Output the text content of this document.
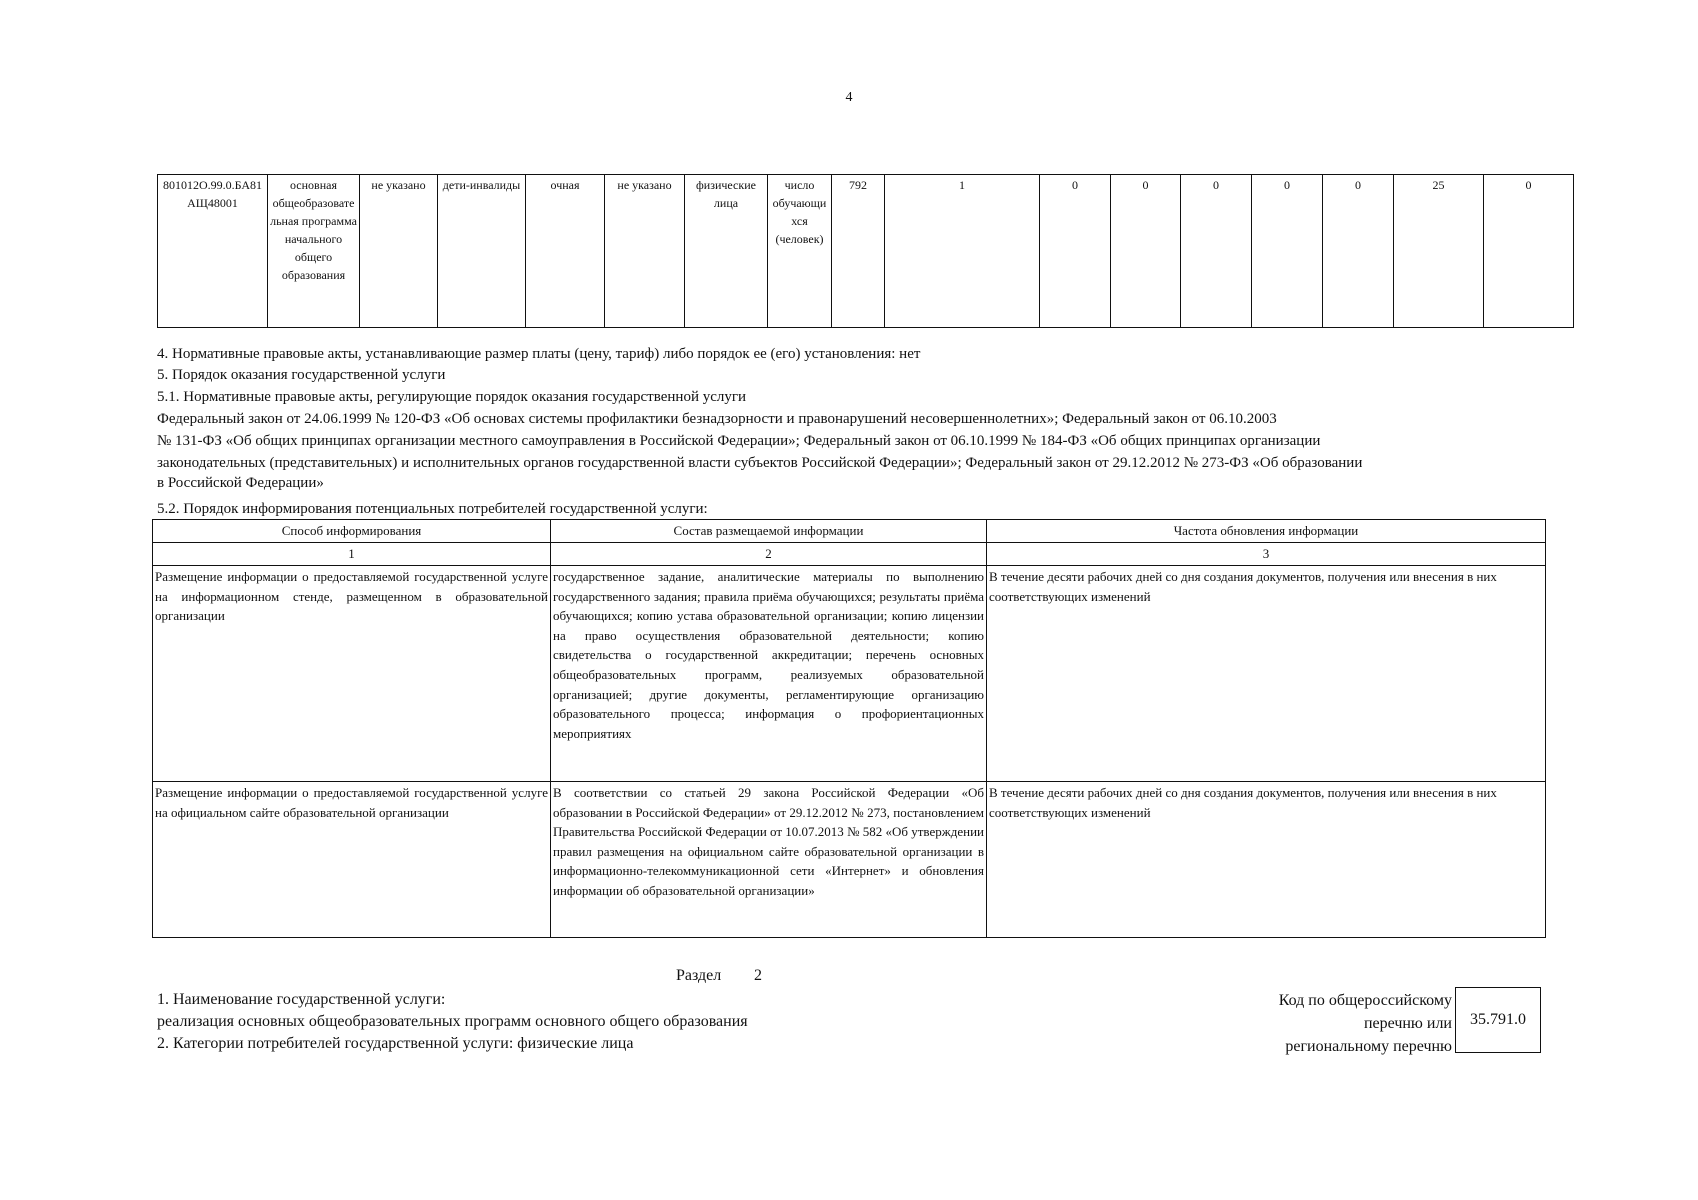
4
801012О.99.0.БА81АЩ48001	основная общеобразовательная программа начального общего образования	не указано	дети-инвалиды	очная	не указано	физические лица	число обучающихся (человек)	792	1	0	0	0	0	0	25	0
4. Нормативные правовые акты, устанавливающие размер платы (цену, тариф) либо порядок ее (его) установления: нет
5. Порядок оказания государственной услуги
5.1. Нормативные правовые акты, регулирующие порядок оказания государственной услуги
Федеральный закон от 24.06.1999 № 120-ФЗ «Об основах системы профилактики безнадзорности и правонарушений несовершеннолетних»; Федеральный закон от 06.10.2003
№ 131-ФЗ «Об общих принципах организации местного самоуправления в Российской Федерации»; Федеральный закон от 06.10.1999 № 184-ФЗ «Об общих принципах организации
законодательных (представительных) и исполнительных органов государственной власти субъектов Российской Федерации»; Федеральный закон от 29.12.2012 № 273-ФЗ «Об образовании
в Российской Федерации»
5.2. Порядок информирования потенциальных потребителей государственной услуги:
Способ информирования	Состав размещаемой информации	Частота обновления информации
1	2	3
Размещение информации о предоставляемой государственной услуге на информационном стенде, размещенном в образовательной организации	государственное задание, аналитические материалы по выполнению государственного задания; правила приёма обучающихся; результаты приёма обучающихся; копию устава образовательной организации; копию лицензии на право осуществления образовательной деятельности; копию свидетельства о государственной аккредитации; перечень основных общеобразовательных программ, реализуемых образовательной организацией; другие документы, регламентирующие организацию образовательного процесса; информация о профориентационных мероприятиях	В течение десяти рабочих дней со дня создания документов, получения или внесения в них соответствующих изменений
Размещение информации о предоставляемой государственной услуге на официальном сайте образовательной организации	В соответствии со статьей 29 закона Российской Федерации «Об образовании в Российской Федерации» от 29.12.2012 № 273, постановлением Правительства Российской Федерации от 10.07.2013 № 582 «Об утверждении правил размещения на официальном сайте образовательной организации в информационно-телекоммуникационной сети «Интернет» и обновления информации об образовательной организации»	В течение десяти рабочих дней со дня создания документов, получения или внесения в них соответствующих изменений
Раздел 2
1. Наименование государственной услуги:
реализация основных общеобразовательных программ основного общего образования
2. Категории потребителей государственной услуги: физические лица
Код по общероссийскому
перечню или
региональному перечню
35.791.0
